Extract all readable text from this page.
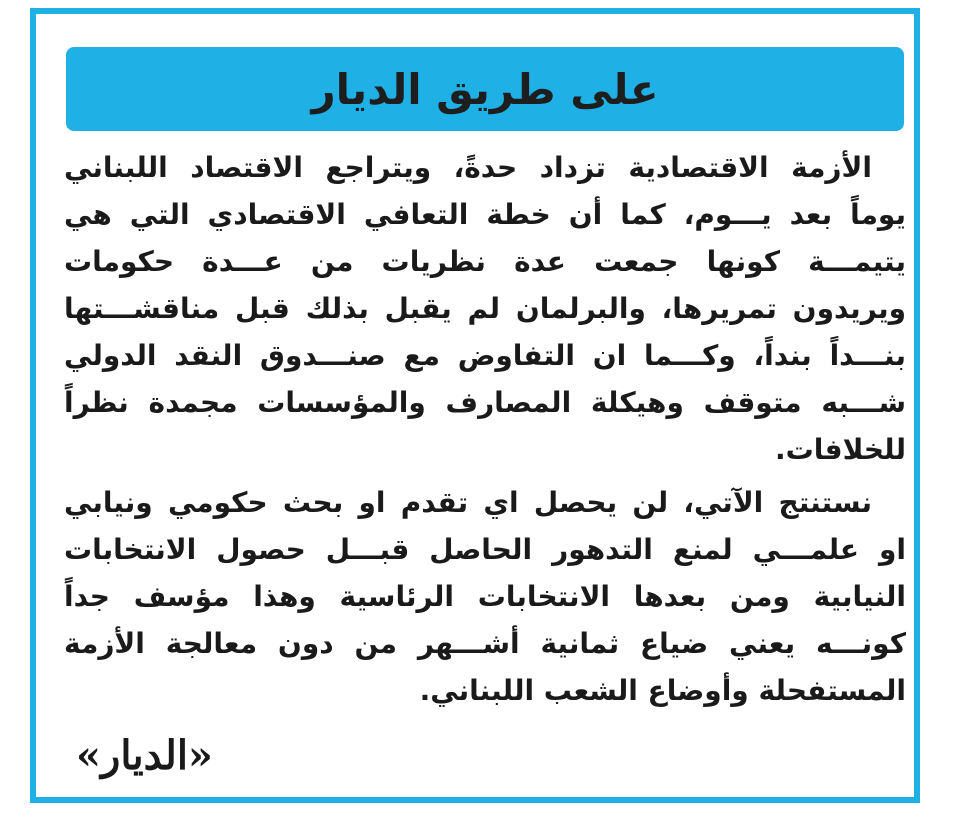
على طريق الديار
الأزمة الاقتصادية تزداد حدةً، ويتراجع الاقتصاد اللبناني
يوماً بعد يـــوم، كما أن خطة التعافي الاقتصادي التي هي
يتيمـــة كونها جمعت عدة نظريات من عـــدة حكومات
ويريدون تمريرها، والبرلمان لم يقبل بذلك قبل مناقشـــتها
بنـــداً بنداً، وكـــما ان التفاوض مع صنـــدوق النقد الدولي
شـــبه متوقف وهيكلة المصارف والمؤسسات مجمدة نظراً
للخلافات.
نستنتج الآتي، لن يحصل اي تقدم او بحث حكومي ونيابي
او علمـــي لمنع التدهور الحاصل قبـــل حصول الانتخابات
النيابية ومن بعدها الانتخابات الرئاسية وهذا مؤسف جداً
كونـــه يعني ضياع ثمانية أشـــهر من دون معالجة الأزمة
المستفحلة وأوضاع الشعب اللبناني.
«الديار»
